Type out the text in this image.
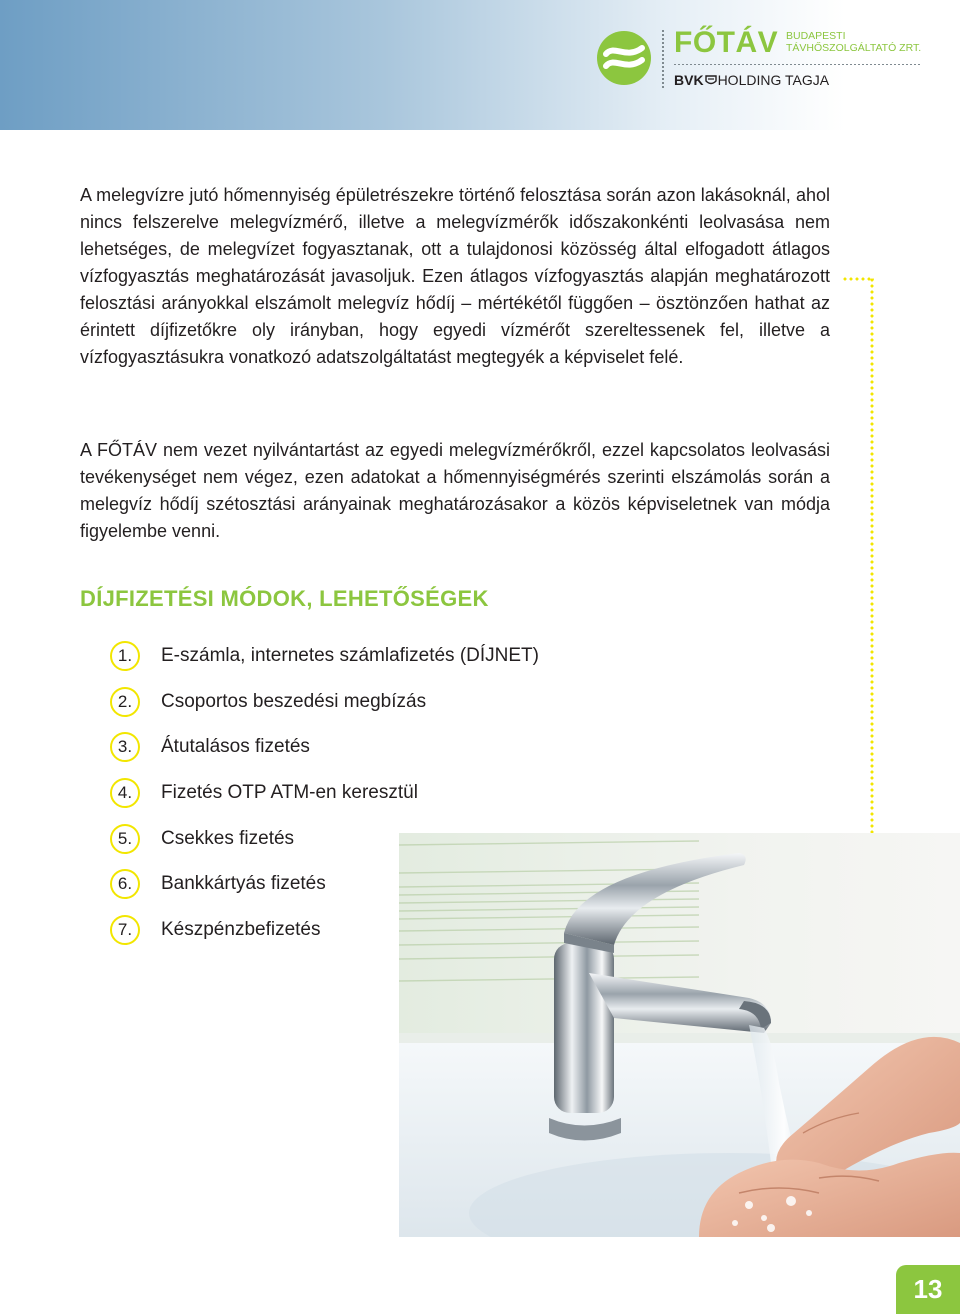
FŐTÁV BUDAPESTI
TÁVHŐSZOLGÁLTATÓ ZRT.
BVK HOLDING TAGJA

A melegvízre jutó hőmennyiség épületrészekre történő felosztása során azon lakásoknál, ahol nincs felszerelve melegvízmérő, illetve a melegvízmérők időszakonkénti leolvasása nem lehetséges, de melegvízet fogyasztanak, ott a tulajdonosi közösség által elfogadott átlagos vízfogyasztás meghatározását javasoljuk. Ezen átlagos vízfogyasztás alapján meghatározott felosztási arányokkal elszámolt melegvíz hődíj – mértékétől függően – ösztönzően hathat az érintett díjfizetőkre oly irányban, hogy egyedi vízmérőt szereltessenek fel, illetve a vízfogyasztásukra vonatkozó adatszolgáltatást megtegyék a képviselet felé.

A FŐTÁV nem vezet nyilvántartást az egyedi melegvízmérőkről, ezzel kapcsolatos leolvasási tevékenységet nem végez, ezen adatokat a hőmennyiségmérés szerinti elszámolás során a melegvíz hődíj szétosztási arányainak meghatározásakor a közös képviseletnek van módja figyelembe venni.

DÍJFIZETÉSI MÓDOK, LEHETŐSÉGEK
1.	E-számla, internetes számlafizetés (DÍJNET)
2.	Csoportos beszedési megbízás
3.	Átutalásos fizetés
4.	Fizetés OTP ATM-en keresztül
5.	Csekkes fizetés
6.	Bankkártyás fizetés
7.	Készpénzbefizetés
13
